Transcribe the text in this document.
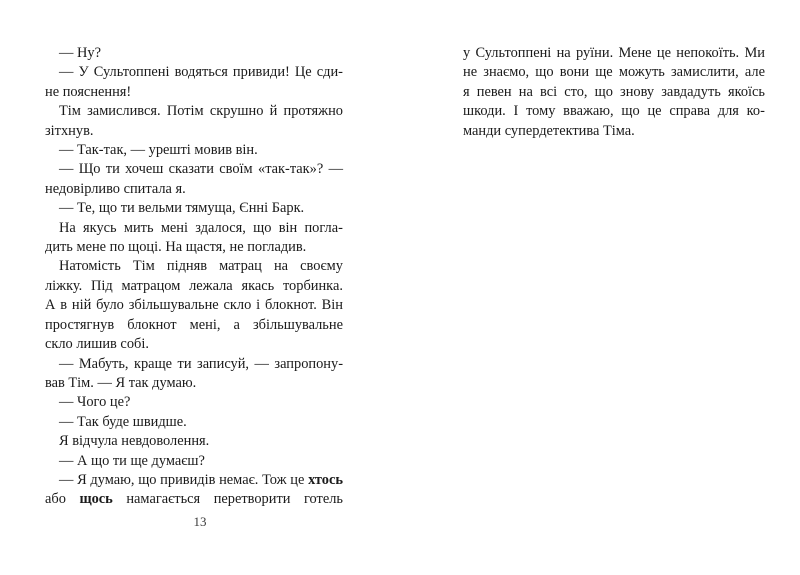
— Ну?
— У Сультоппені водяться привиди! Це сди-
не пояснення!
Тім замислився. Потім скрушно й протяжно
зітхнув.
— Так-так, — урешті мовив він.
— Що ти хочеш сказати своїм «так-так»? —
недовірливо спитала я.
— Те, що ти вельми тямуща, Єнні Барк.
На якусь мить мені здалося, що він погла-
дить мене по щоці. На щастя, не погладив.
Натомість Тім підняв матрац на своєму
ліжку. Під матрацом лежала якась торбинка.
А в ній було збільшувальне скло і блокнот. Він
простягнув блокнот мені, а збільшувальне
скло лишив собі.
— Мабуть, краще ти записуй, — запропону-
вав Тім. — Я так думаю.
— Чого це?
— Так буде швидше.
Я відчула невдоволення.
— А що ти ще думаєш?
— Я думаю, що привидів немає. Тож це хтось
або щось намагається перетворити готель
13
у Сультоппені на руїни. Мене це непокоїть. Ми
не знаємо, що вони ще можуть замислити, але
я певен на всі сто, що знову завдадуть якоїсь
шкоди. І тому вважаю, що це справа для ко-
манди супердетектива Тіма.
